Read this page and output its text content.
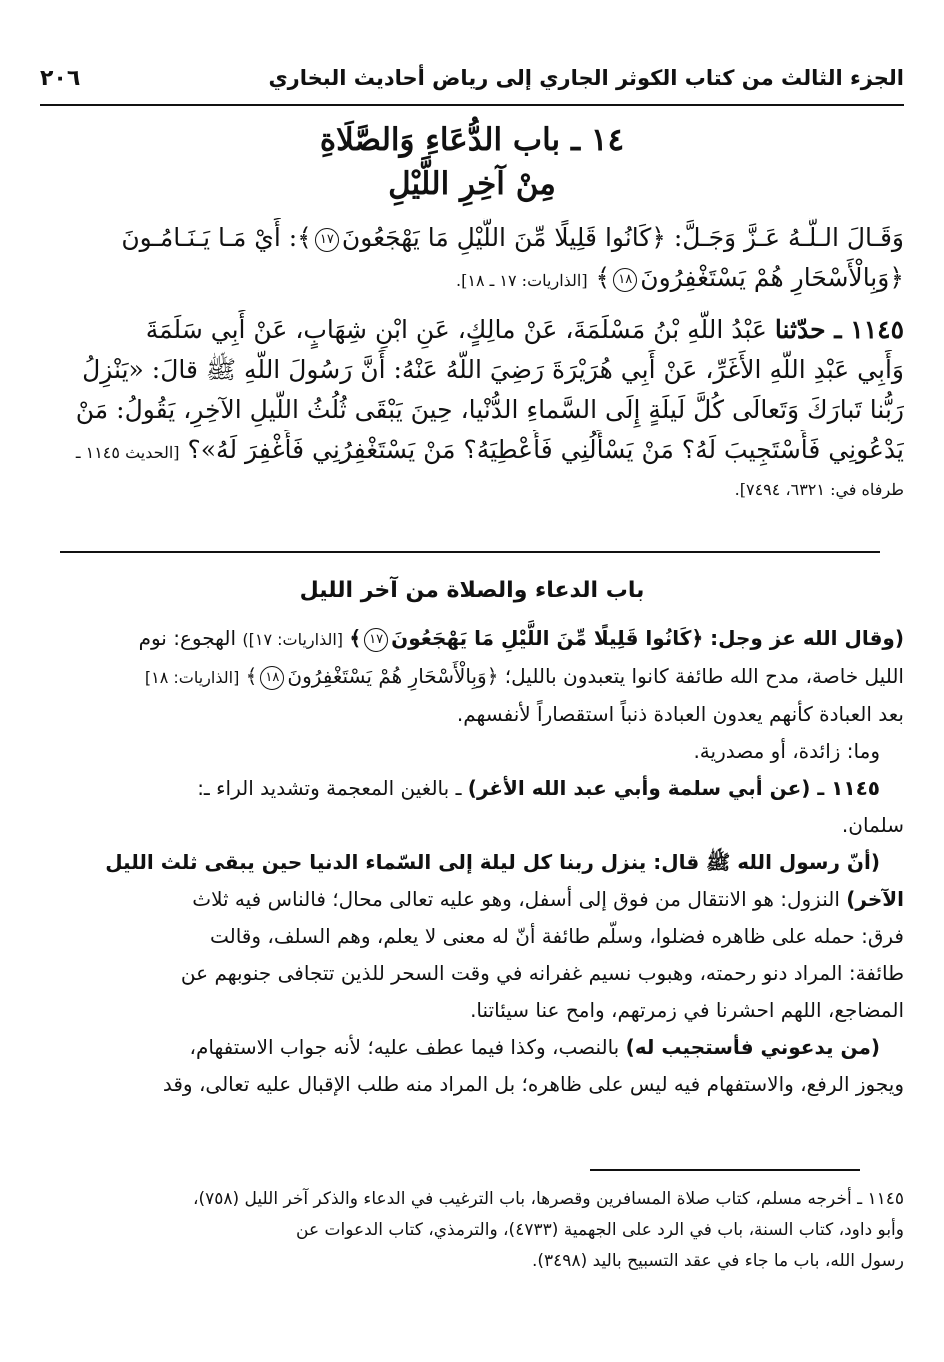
الجزء الثالث من كتاب الكوثر الجاري إلى رياض أحاديث البخاري
٢٠٦
١٤ ـ باب الدُّعَاءِ وَالصَّلَاةِ
مِنْ آخِرِ اللَّيْلِ
وَقَـالَ الـلَّـهُ عَـزَّ وَجَـلَّ: ﴿كَانُوا قَلِيلًا مِّنَ اللَّيْلِ مَا يَهْجَعُونَ١٧﴾: أَيْ مَـا يَـنَـامُـونَ
﴿وَبِالْأَسْحَارِ هُمْ يَسْتَغْفِرُونَ١٨﴾ [الذاريات: ١٧ ـ ١٨].
١١٤٥ ـ حدّثنا عَبْدُ اللَّهِ بْنُ مَسْلَمَةَ، عَنْ مالِكٍ، عَنِ ابْنِ شِهَابٍ، عَنْ أَبِي سَلَمَةَ
وَأَبِي عَبْدِ اللَّهِ الأَغَرِّ، عَنْ أَبِي هُرَيْرَةَ رَضِيَ اللَّهُ عَنْهُ: أَنَّ رَسُولَ اللَّهِ ﷺ قالَ: «يَنْزِلُ
رَبُّنا تَبارَكَ وَتَعالَى كُلَّ لَيلَةٍ إِلَى السَّماءِ الدُّنْيا، حِينَ يَبْقَى ثُلُثُ اللَّيلِ الآخِرِ، يَقُولُ: مَنْ
يَدْعُونِي فَأَسْتَجِيبَ لَهُ؟ مَنْ يَسْأَلُنِي فَأُعْطِيَهُ؟ مَنْ يَسْتَغْفِرُنِي فَأَغْفِرَ لَهُ»؟ [الحديث ١١٤٥ ـ
طرفاه في: ٦٣٢١، ٧٤٩٤].
باب الدعاء والصلاة من آخر الليل
(وقال الله عز وجل: ﴿كَانُوا قَلِيلًا مِّنَ اللَّيْلِ مَا يَهْجَعُونَ١٧﴾ [الذاريات: ١٧]) الهجوع: نوم
الليل خاصة، مدح الله طائفة كانوا يتعبدون بالليل؛ ﴿وَبِالْأَسْحَارِ هُمْ يَسْتَغْفِرُونَ١٨﴾ [الذاريات: ١٨]
بعد العبادة كأنهم يعدون العبادة ذنباً استقصاراً لأنفسهم.
وما: زائدة، أو مصدرية.
١١٤٥ ـ (عن أبي سلمة وأبي عبد الله الأغر) ـ بالغين المعجمة وتشديد الراء ـ:
سلمان.
(أنّ رسول الله ﷺ قال: ينزل ربنا كل ليلة إلى السّماء الدنيا حين يبقى ثلث الليل
الآخر) النزول: هو الانتقال من فوق إلى أسفل، وهو عليه تعالى محال؛ فالناس فيه ثلاث
فرق: حمله على ظاهره فضلوا، وسلّم طائفة أنّ له معنى لا يعلم، وهم السلف، وقالت
طائفة: المراد دنو رحمته، وهبوب نسيم غفرانه في وقت السحر للذين تتجافى جنوبهم عن
المضاجع، اللهم احشرنا في زمرتهم، وامح عنا سيئاتنا.
(من يدعوني فأستجيب له) بالنصب، وكذا فيما عطف عليه؛ لأنه جواب الاستفهام،
ويجوز الرفع، والاستفهام فيه ليس على ظاهره؛ بل المراد منه طلب الإقبال عليه تعالى، وقد
١١٤٥ ـ أخرجه مسلم، كتاب صلاة المسافرين وقصرها، باب الترغيب في الدعاء والذكر آخر الليل (٧٥٨)،
وأبو داود، كتاب السنة، باب في الرد على الجهمية (٤٧٣٣)، والترمذي، كتاب الدعوات عن
رسول الله، باب ما جاء في عقد التسبيح باليد (٣٤٩٨).
